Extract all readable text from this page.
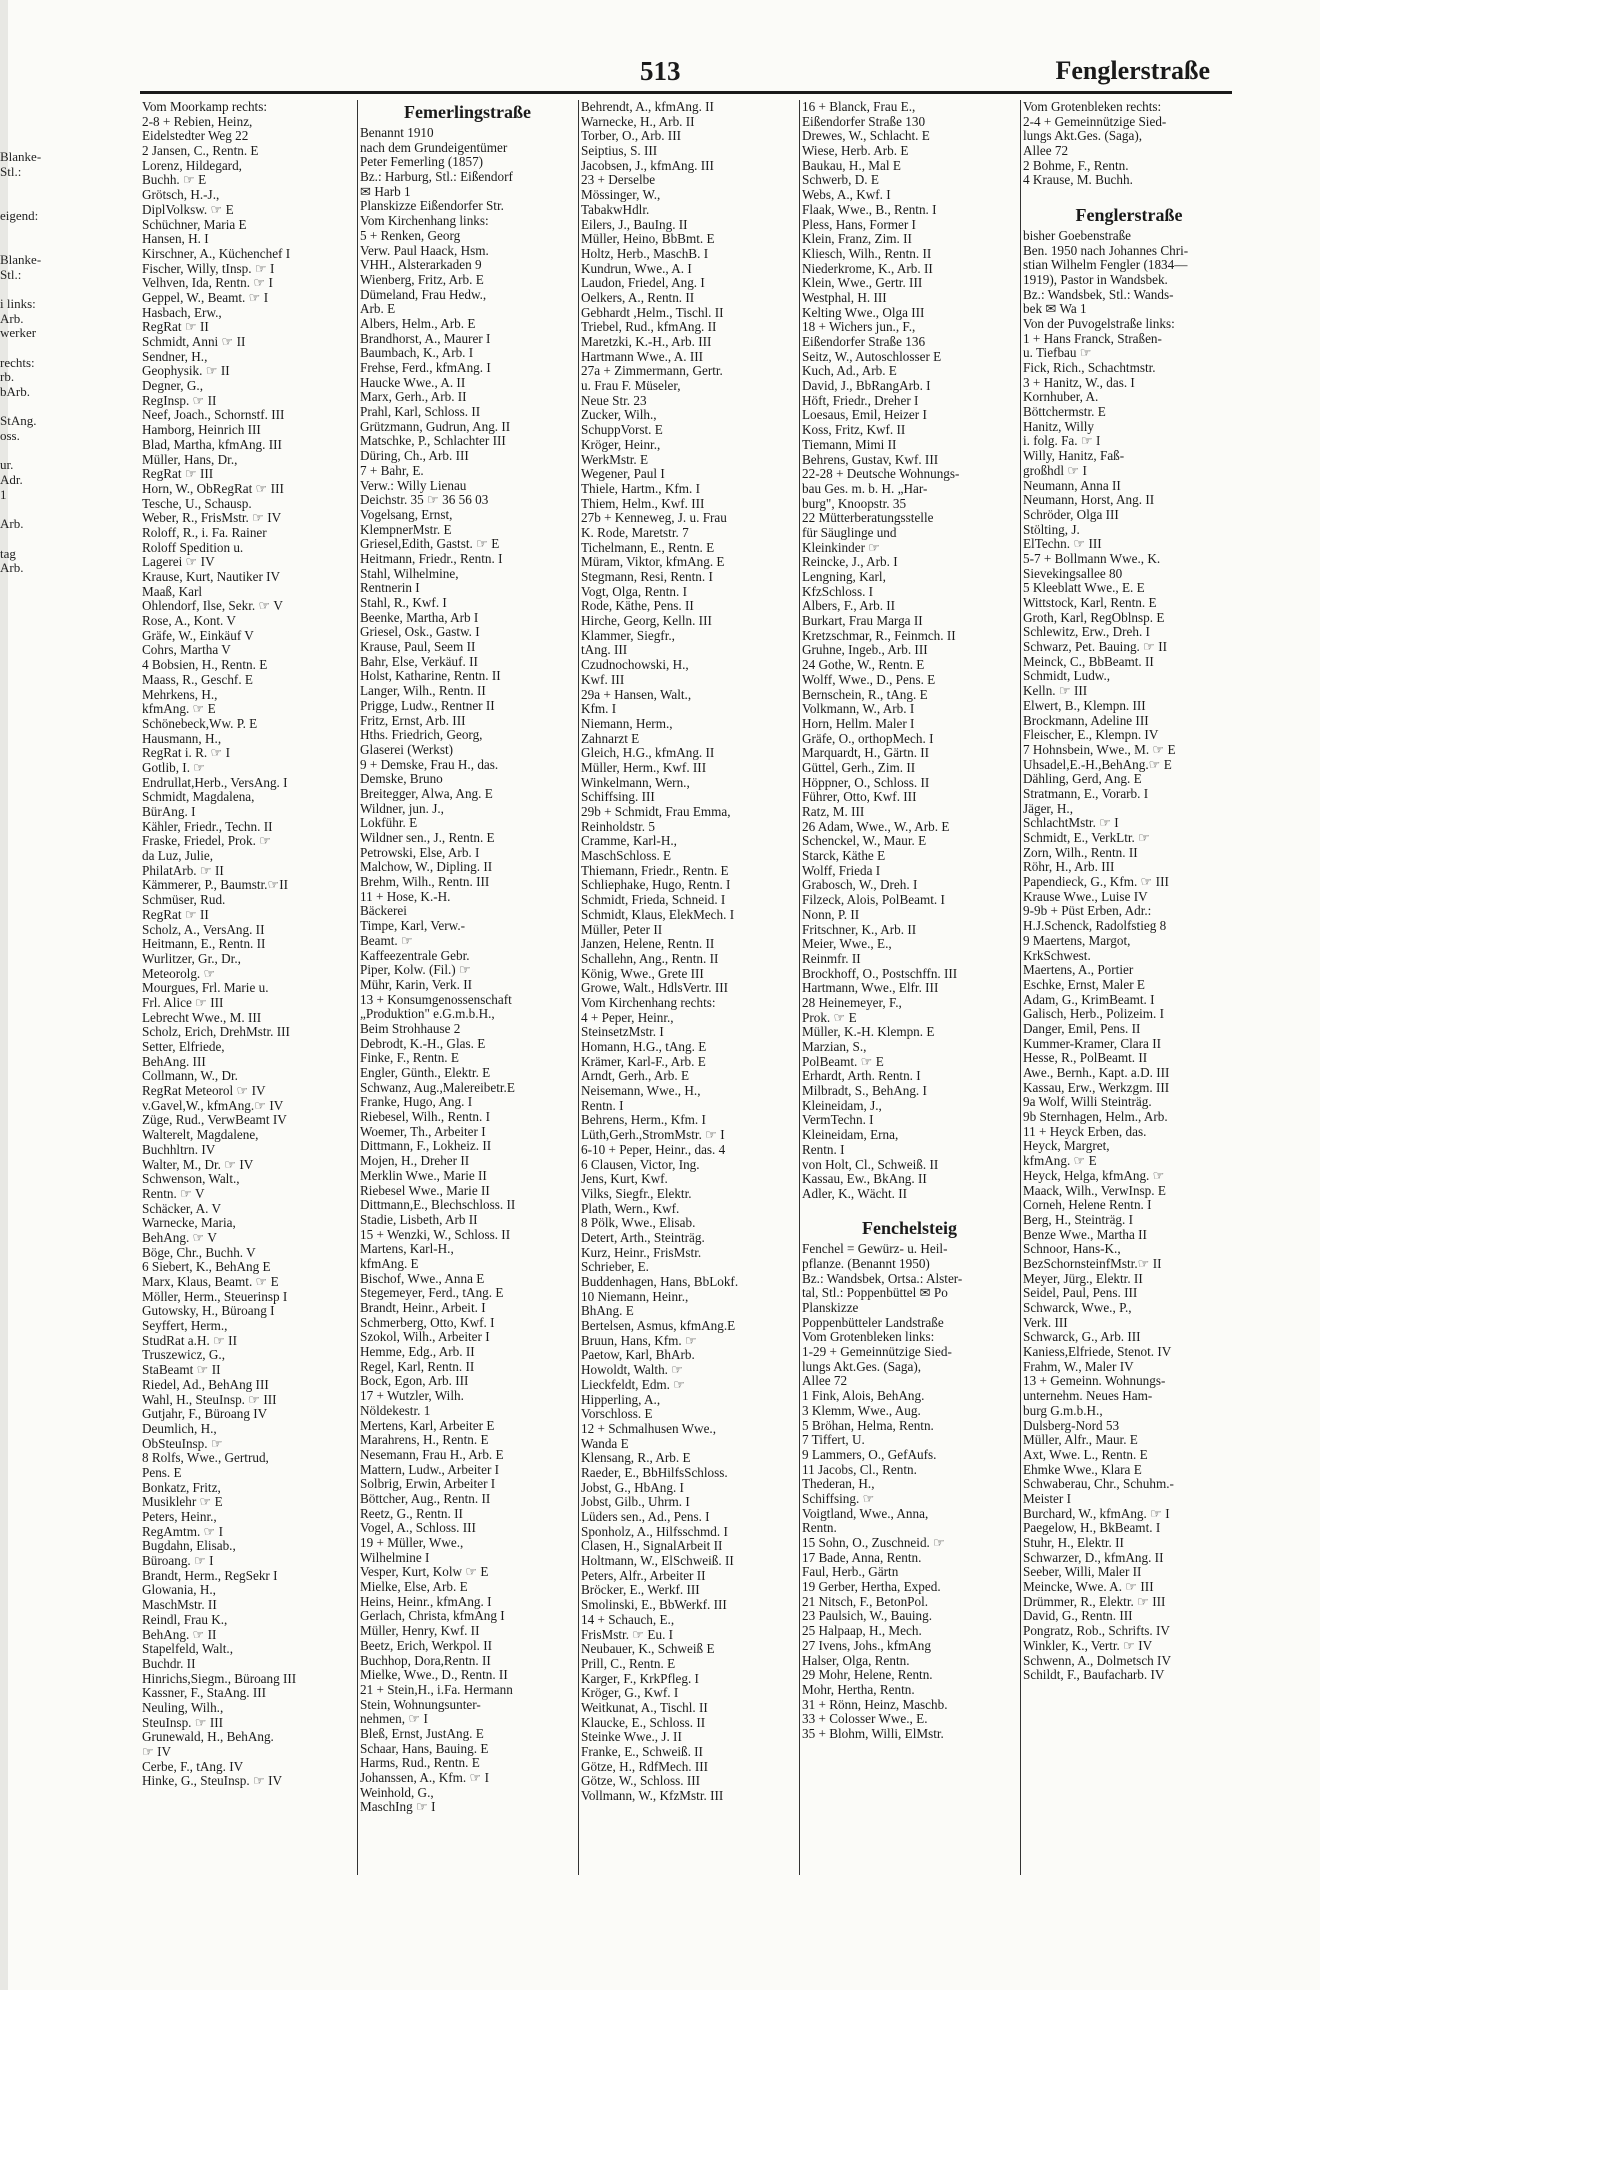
513	Fenglerstraße
Blanke-
Stl.:
eigend:
Blanke-
Stl.:
i links:
Arb.
werker
rechts:
rb.
bArb.
StAng.
oss.
ur.
Adr.
1
Arb.
tag
Arb.
Vom Moorkamp rechts:
2-8 + Rebien, Heinz,
Eidelstedter Weg 22
2 Jansen, C., Rentn. E
Lorenz, Hildegard,
Buchh. ☞ E
Grötsch, H.-J.,
DiplVolksw. ☞ E
Schüchner, Maria E
Hansen, H. I
Kirschner, A., Küchenchef I
Fischer, Willy, tInsp. ☞ I
Velhven, Ida, Rentn. ☞ I
Geppel, W., Beamt. ☞ I
Hasbach, Erw.,
RegRat ☞ II
Schmidt, Anni ☞ II
Sendner, H.,
Geophysik. ☞ II
Degner, G.,
RegInsp. ☞ II
Neef, Joach., Schornstf. III
Hamborg, Heinrich III
Blad, Martha, kfmAng. III
Müller, Hans, Dr.,
RegRat ☞ III
Horn, W., ObRegRat ☞ III
Tesche, U., Schausp.
Weber, R., FrisMstr. ☞ IV
Roloff, R., i. Fa. Rainer
Roloff Spedition u.
Lagerei ☞ IV
Krause, Kurt, Nautiker IV
Maaß, Karl
Ohlendorf, Ilse, Sekr. ☞ V
Rose, A., Kont. V
Gräfe, W., Einkäuf V
Cohrs, Martha V
4 Bobsien, H., Rentn. E
Maass, R., Geschf. E
Mehrkens, H.,
kfmAng. ☞ E
Schönebeck,Ww. P. E
Hausmann, H.,
RegRat i. R. ☞ I
Gotlib, I. ☞
Endrullat,Herb., VersAng. I
Schmidt, Magdalena,
BürAng. I
Kähler, Friedr., Techn. II
Fraske, Friedel, Prok. ☞
da Luz, Julie,
PhilatArb. ☞ II
Kämmerer, P., Baumstr.☞II
Schmüser, Rud.
RegRat ☞ II
Scholz, A., VersAng. II
Heitmann, E., Rentn. II
Wurlitzer, Gr., Dr.,
Meteorolg. ☞
Mourgues, Frl. Marie u.
Frl. Alice ☞ III
Lebrecht Wwe., M. III
Scholz, Erich, DrehMstr. III
Setter, Elfriede,
BehAng. III
Collmann, W., Dr.
RegRat Meteorol ☞ IV
v.Gavel,W., kfmAng.☞ IV
Züge, Rud., VerwBeamt IV
Walterelt, Magdalene,
Buchhltrn. IV
Walter, M., Dr. ☞ IV
Schwenson, Walt.,
Rentn. ☞ V
Schäcker, A. V
Warnecke, Maria,
BehAng. ☞ V
Böge, Chr., Buchh. V
6 Siebert, K., BehAng E
Marx, Klaus, Beamt. ☞ E
Möller, Herm., Steuerinsp I
Gutowsky, H., Büroang I
Seyffert, Herm.,
StudRat a.H. ☞ II
Truszewicz, G.,
StaBeamt ☞ II
Riedel, Ad., BehAng III
Wahl, H., SteuInsp. ☞ III
Gutjahr, F., Büroang IV
Deumlich, H.,
ObSteuInsp. ☞
8 Rolfs, Wwe., Gertrud,
Pens. E
Bonkatz, Fritz,
Musiklehr ☞ E
Peters, Heinr.,
RegAmtm. ☞ I
Bugdahn, Elisab.,
Büroang. ☞ I
Brandt, Herm., RegSekr I
Glowania, H.,
MaschMstr. II
Reindl, Frau K.,
BehAng. ☞ II
Stapelfeld, Walt.,
Buchdr. II
Hinrichs,Siegm., Büroang III
Kassner, F., StaAng. III
Neuling, Wilh.,
SteuInsp. ☞ III
Grunewald, H., BehAng.
☞ IV
Cerbe, F., tAng. IV
Hinke, G., SteuInsp. ☞ IV
Femerlingstraße
Benannt 1910
nach dem Grundeigentümer
Peter Femerling (1857)
Bz.: Harburg, Stl.: Eißendorf
✉ Harb 1
Planskizze Eißendorfer Str.
Vom Kirchenhang links:
5 + Renken, Georg
Verw. Paul Haack, Hsm.
VHH., Alsterarkaden 9
Wienberg, Fritz, Arb. E
Dümeland, Frau Hedw.,
Arb. E
Albers, Helm., Arb. E
Brandhorst, A., Maurer I
Baumbach, K., Arb. I
Frehse, Ferd., kfmAng. I
Haucke Wwe., A. II
Marx, Gerh., Arb. II
Prahl, Karl, Schloss. II
Grützmann, Gudrun, Ang. II
Matschke, P., Schlachter III
Düring, Ch., Arb. III
7 + Bahr, E.
Verw.: Willy Lienau
Deichstr. 35 ☞ 36 56 03
Vogelsang, Ernst,
KlempnerMstr. E
Griesel,Edith, Gastst. ☞ E
Heitmann, Friedr., Rentn. I
Stahl, Wilhelmine,
Rentnerin I
Stahl, R., Kwf. I
Beenke, Martha, Arb I
Griesel, Osk., Gastw. I
Krause, Paul, Seem II
Bahr, Else, Verkäuf. II
Holst, Katharine, Rentn. II
Langer, Wilh., Rentn. II
Prigge, Ludw., Rentner II
Fritz, Ernst, Arb. III
Hths. Friedrich, Georg,
Glaserei (Werkst)
9 + Demske, Frau H., das.
Demske, Bruno
Breitegger, Alwa, Ang. E
Wildner, jun. J.,
Lokführ. E
Wildner sen., J., Rentn. E
Petrowski, Else, Arb. I
Malchow, W., Dipling. II
Brehm, Wilh., Rentn. III
11 + Hose, K.-H.
Bäckerei
Timpe, Karl, Verw.-
Beamt. ☞
Kaffeezentrale Gebr.
Piper, Kolw. (Fil.) ☞
Mühr, Karin, Verk. II
13 + Konsumgenossenschaft
„Produktion" e.G.m.b.H.,
Beim Strohhause 2
Debrodt, K.-H., Glas. E
Finke, F., Rentn. E
Engler, Günth., Elektr. E
Schwanz, Aug.,Malereibetr.E
Franke, Hugo, Ang. I
Riebesel, Wilh., Rentn. I
Woemer, Th., Arbeiter I
Dittmann, F., Lokheiz. II
Mojen, H., Dreher II
Merklin Wwe., Marie II
Riebesel Wwe., Marie II
Dittmann,E., Blechschloss. II
Stadie, Lisbeth, Arb II
15 + Wenzki, W., Schloss. II
Martens, Karl-H.,
kfmAng. E
Bischof, Wwe., Anna E
Stegemeyer, Ferd., tAng. E
Brandt, Heinr., Arbeit. I
Schmerberg, Otto, Kwf. I
Szokol, Wilh., Arbeiter I
Hemme, Edg., Arb. II
Regel, Karl, Rentn. II
Bock, Egon, Arb. III
17 + Wutzler, Wilh.
Nöldekestr. 1
Mertens, Karl, Arbeiter E
Marahrens, H., Rentn. E
Nesemann, Frau H., Arb. E
Mattern, Ludw., Arbeiter I
Solbrig, Erwin, Arbeiter I
Böttcher, Aug., Rentn. II
Reetz, G., Rentn. II
Vogel, A., Schloss. III
19 + Müller, Wwe.,
Wilhelmine I
Vesper, Kurt, Kolw ☞ E
Mielke, Else, Arb. E
Heins, Heinr., kfmAng. I
Gerlach, Christa, kfmAng I
Müller, Henry, Kwf. II
Beetz, Erich, Werkpol. II
Buchhop, Dora,Rentn. II
Mielke, Wwe., D., Rentn. II
21 + Stein,H., i.Fa. Hermann
Stein, Wohnungsunter-
nehmen, ☞ I
Bleß, Ernst, JustAng. E
Schaar, Hans, Bauing. E
Harms, Rud., Rentn. E
Johanssen, A., Kfm. ☞ I
Weinhold, G.,
MaschIng ☞ I
Behrendt, A., kfmAng. II
Warnecke, H., Arb. II
Torber, O., Arb. III
Seiptius, S. III
Jacobsen, J., kfmAng. III
23 + Derselbe
Mössinger, W.,
TabakwHdlr.
Eilers, J., BauIng. II
Müller, Heino, BbBmt. E
Holtz, Herb., MaschB. I
Kundrun, Wwe., A. I
Laudon, Friedel, Ang. I
Oelkers, A., Rentn. II
Gebhardt ,Helm., Tischl. II
Triebel, Rud., kfmAng. II
Maretzki, K.-H., Arb. III
Hartmann Wwe., A. III
27a + Zimmermann, Gertr.
u. Frau F. Müseler,
Neue Str. 23
Zucker, Wilh.,
SchuppVorst. E
Kröger, Heinr.,
WerkMstr. E
Wegener, Paul I
Thiele, Hartm., Kfm. I
Thiem, Helm., Kwf. III
27b + Kenneweg, J. u. Frau
K. Rode, Maretstr. 7
Tichelmann, E., Rentn. E
Müram, Viktor, kfmAng. E
Stegmann, Resi, Rentn. I
Vogt, Olga, Rentn. I
Rode, Käthe, Pens. II
Hirche, Georg, Kelln. III
Klammer, Siegfr.,
tAng. III
Czudnochowski, H.,
Kwf. III
29a + Hansen, Walt.,
Kfm. I
Niemann, Herm.,
Zahnarzt E
Gleich, H.G., kfmAng. II
Müller, Herm., Kwf. III
Winkelmann, Wern.,
Schiffsing. III
29b + Schmidt, Frau Emma,
Reinholdstr. 5
Cramme, Karl-H.,
MaschSchloss. E
Thiemann, Friedr., Rentn. E
Schliephake, Hugo, Rentn. I
Schmidt, Frieda, Schneid. I
Schmidt, Klaus, ElekMech. I
Müller, Peter II
Janzen, Helene, Rentn. II
Schallehn, Ang., Rentn. II
König, Wwe., Grete III
Growe, Walt., HdlsVertr. III
Vom Kirchenhang rechts:
4 + Peper, Heinr.,
SteinsetzMstr. I
Homann, H.G., tAng. E
Krämer, Karl-F., Arb. E
Arndt, Gerh., Arb. E
Neisemann, Wwe., H.,
Rentn. I
Behrens, Herm., Kfm. I
Lüth,Gerh.,StromMstr. ☞ I
6-10 + Peper, Heinr., das. 4
6 Clausen, Victor, Ing.
Jens, Kurt, Kwf.
Vilks, Siegfr., Elektr.
Plath, Wern., Kwf.
8 Pölk, Wwe., Elisab.
Detert, Arth., Steinträg.
Kurz, Heinr., FrisMstr.
Schrieber, E.
Buddenhagen, Hans, BbLokf.
10 Niemann, Heinr.,
BhAng. E
Bertelsen, Asmus, kfmAng.E
Bruun, Hans, Kfm. ☞
Paetow, Karl, BhArb.
Howoldt, Walth. ☞
Lieckfeldt, Edm. ☞
Hipperling, A.,
Vorschloss. E
12 + Schmalhusen Wwe.,
Wanda E
Klensang, R., Arb. E
Raeder, E., BbHilfsSchloss.
Jobst, G., HbAng. I
Jobst, Gilb., Uhrm. I
Lüders sen., Ad., Pens. I
Sponholz, A., Hilfsschmd. I
Clasen, H., SignalArbeit II
Holtmann, W., ElSchweiß. II
Peters, Alfr., Arbeiter II
Bröcker, E., Werkf. III
Smolinski, E., BbWerkf. III
14 + Schauch, E.,
FrisMstr. ☞ Eu. I
Neubauer, K., Schweiß E
Prill, C., Rentn. E
Karger, F., KrkPfleg. I
Kröger, G., Kwf. I
Weitkunat, A., Tischl. II
Klaucke, E., Schloss. II
Steinke Wwe., J. II
Franke, E., Schweiß. II
Götze, H., RdfMech. III
Götze, W., Schloss. III
Vollmann, W., KfzMstr. III
16 + Blanck, Frau E.,
Eißendorfer Straße 130
Drewes, W., Schlacht. E
Wiese, Herb. Arb. E
Baukau, H., Mal E
Schwerb, D. E
Webs, A., Kwf. I
Flaak, Wwe., B., Rentn. I
Pless, Hans, Former I
Klein, Franz, Zim. II
Kliesch, Wilh., Rentn. II
Niederkrome, K., Arb. II
Klein, Wwe., Gertr. III
Westphal, H. III
Kelting Wwe., Olga III
18 + Wichers jun., F.,
Eißendorfer Straße 136
Seitz, W., Autoschlosser E
Kuch, Ad., Arb. E
David, J., BbRangArb. I
Höft, Friedr., Dreher I
Loesaus, Emil, Heizer I
Koss, Fritz, Kwf. II
Tiemann, Mimi II
Behrens, Gustav, Kwf. III
22-28 + Deutsche Wohnungs-
bau Ges. m. b. H. „Har-
burg", Knoopstr. 35
22 Mütterberatungsstelle
für Säuglinge und
Kleinkinder ☞
Reincke, J., Arb. I
Lengning, Karl,
KfzSchloss. I
Albers, F., Arb. II
Burkart, Frau Marga II
Kretzschmar, R., Feinmch. II
Gruhne, Ingeb., Arb. III
24 Gothe, W., Rentn. E
Wolff, Wwe., D., Pens. E
Bernschein, R., tAng. E
Volkmann, W., Arb. I
Horn, Hellm. Maler I
Gräfe, O., orthopMech. I
Marquardt, H., Gärtn. II
Güttel, Gerh., Zim. II
Höppner, O., Schloss. II
Führer, Otto, Kwf. III
Ratz, M. III
26 Adam, Wwe., W., Arb. E
Schenckel, W., Maur. E
Starck, Käthe E
Wolff, Frieda I
Grabosch, W., Dreh. I
Filzeck, Alois, PolBeamt. I
Nonn, P. II
Fritschner, K., Arb. II
Meier, Wwe., E.,
Reinmfr. II
Brockhoff, O., Postschffn. III
Hartmann, Wwe., Elfr. III
28 Heinemeyer, F.,
Prok. ☞ E
Müller, K.-H. Klempn. E
Marzian, S.,
PolBeamt. ☞ E
Erhardt, Arth. Rentn. I
Milbradt, S., BehAng. I
Kleineidam, J.,
VermTechn. I
Kleineidam, Erna,
Rentn. I
von Holt, Cl., Schweiß. II
Kassau, Ew., BkAng. II
Adler, K., Wächt. II
Fenchelsteig
Fenchel = Gewürz- u. Heil-
pflanze. (Benannt 1950)
Bz.: Wandsbek, Ortsa.: Alster-
tal, Stl.: Poppenbüttel ✉ Po
Planskizze
Poppenbütteler Landstraße
Vom Grotenbleken links:
1-29 + Gemeinnützige Sied-
lungs Akt.Ges. (Saga),
Allee 72
1 Fink, Alois, BehAng.
3 Klemm, Wwe., Aug.
5 Bröhan, Helma, Rentn.
7 Tiffert, U.
9 Lammers, O., GefAufs.
11 Jacobs, Cl., Rentn.
Thederan, H.,
Schiffsing. ☞
Voigtland, Wwe., Anna,
Rentn.
15 Sohn, O., Zuschneid. ☞
17 Bade, Anna, Rentn.
Faul, Herb., Gärtn
19 Gerber, Hertha, Exped.
21 Nitsch, F., BetonPol.
23 Paulsich, W., Bauing.
25 Halpaap, H., Mech.
27 Ivens, Johs., kfmAng
Halser, Olga, Rentn.
29 Mohr, Helene, Rentn.
Mohr, Hertha, Rentn.
31 + Rönn, Heinz, Maschb.
33 + Colosser Wwe., E.
35 + Blohm, Willi, ElMstr.
Vom Grotenbleken rechts:
2-4 + Gemeinnützige Sied-
lungs Akt.Ges. (Saga),
Allee 72
2 Bohme, F., Rentn.
4 Krause, M. Buchh.
Fenglerstraße
bisher Goebenstraße
Ben. 1950 nach Johannes Chri-
stian Wilhelm Fengler (1834—
1919), Pastor in Wandsbek.
Bz.: Wandsbek, Stl.: Wands-
bek ✉ Wa 1
Von der Puvogelstraße links:
1 + Hans Franck, Straßen-
u. Tiefbau ☞
Fick, Rich., Schachtmstr.
3 + Hanitz, W., das. I
Kornhuber, A.
Böttchermstr. E
Hanitz, Willy
i. folg. Fa. ☞ I
Willy, Hanitz, Faß-
großhdl ☞ I
Neumann, Anna II
Neumann, Horst, Ang. II
Schröder, Olga III
Stölting, J.
ElTechn. ☞ III
5-7 + Bollmann Wwe., K.
Sievekingsallee 80
5 Kleeblatt Wwe., E. E
Wittstock, Karl, Rentn. E
Groth, Karl, RegOblnsp. E
Schlewitz, Erw., Dreh. I
Schwarz, Pet. Bauing. ☞ II
Meinck, C., BbBeamt. II
Schmidt, Ludw.,
Kelln. ☞ III
Elwert, B., Klempn. III
Brockmann, Adeline III
Fleischer, E., Klempn. IV
7 Hohnsbein, Wwe., M. ☞ E
Uhsadel,E.-H.,BehAng.☞ E
Dähling, Gerd, Ang. E
Stratmann, E., Vorarb. I
Jäger, H.,
SchlachtMstr. ☞ I
Schmidt, E., VerkLtr. ☞
Zorn, Wilh., Rentn. II
Röhr, H., Arb. III
Papendieck, G., Kfm. ☞ III
Krause Wwe., Luise IV
9-9b + Püst Erben, Adr.:
H.J.Schenck, Radolfstieg 8
9 Maertens, Margot,
KrkSchwest.
Maertens, A., Portier
Eschke, Ernst, Maler E
Adam, G., KrimBeamt. I
Galisch, Herb., Polizeim. I
Danger, Emil, Pens. II
Kummer-Kramer, Clara II
Hesse, R., PolBeamt. II
Awe., Bernh., Kapt. a.D. III
Kassau, Erw., Werkzgm. III
9a Wolf, Willi Steinträg.
9b Sternhagen, Helm., Arb.
11 + Heyck Erben, das.
Heyck, Margret,
kfmAng. ☞ E
Heyck, Helga, kfmAng. ☞
Maack, Wilh., VerwInsp. E
Corneh, Helene Rentn. I
Berg, H., Steinträg. I
Benze Wwe., Martha II
Schnoor, Hans-K.,
BezSchornsteinfMstr.☞ II
Meyer, Jürg., Elektr. II
Seidel, Paul, Pens. III
Schwarck, Wwe., P.,
Verk. III
Schwarck, G., Arb. III
Kaniess,Elfriede, Stenot. IV
Frahm, W., Maler IV
13 + Gemeinn. Wohnungs-
unternehm. Neues Ham-
burg G.m.b.H.,
Dulsberg-Nord 53
Müller, Alfr., Maur. E
Axt, Wwe. L., Rentn. E
Ehmke Wwe., Klara E
Schwaberau, Chr., Schuhm.-
Meister I
Burchard, W., kfmAng. ☞ I
Paegelow, H., BkBeamt. I
Stuhr, H., Elektr. II
Schwarzer, D., kfmAng. II
Seeber, Willi, Maler II
Meincke, Wwe. A. ☞ III
Drümmer, R., Elektr. ☞ III
David, G., Rentn. III
Pongratz, Rob., Schrifts. IV
Winkler, K., Vertr. ☞ IV
Schwenn, A., Dolmetsch IV
Schildt, F., Baufacharb. IV
